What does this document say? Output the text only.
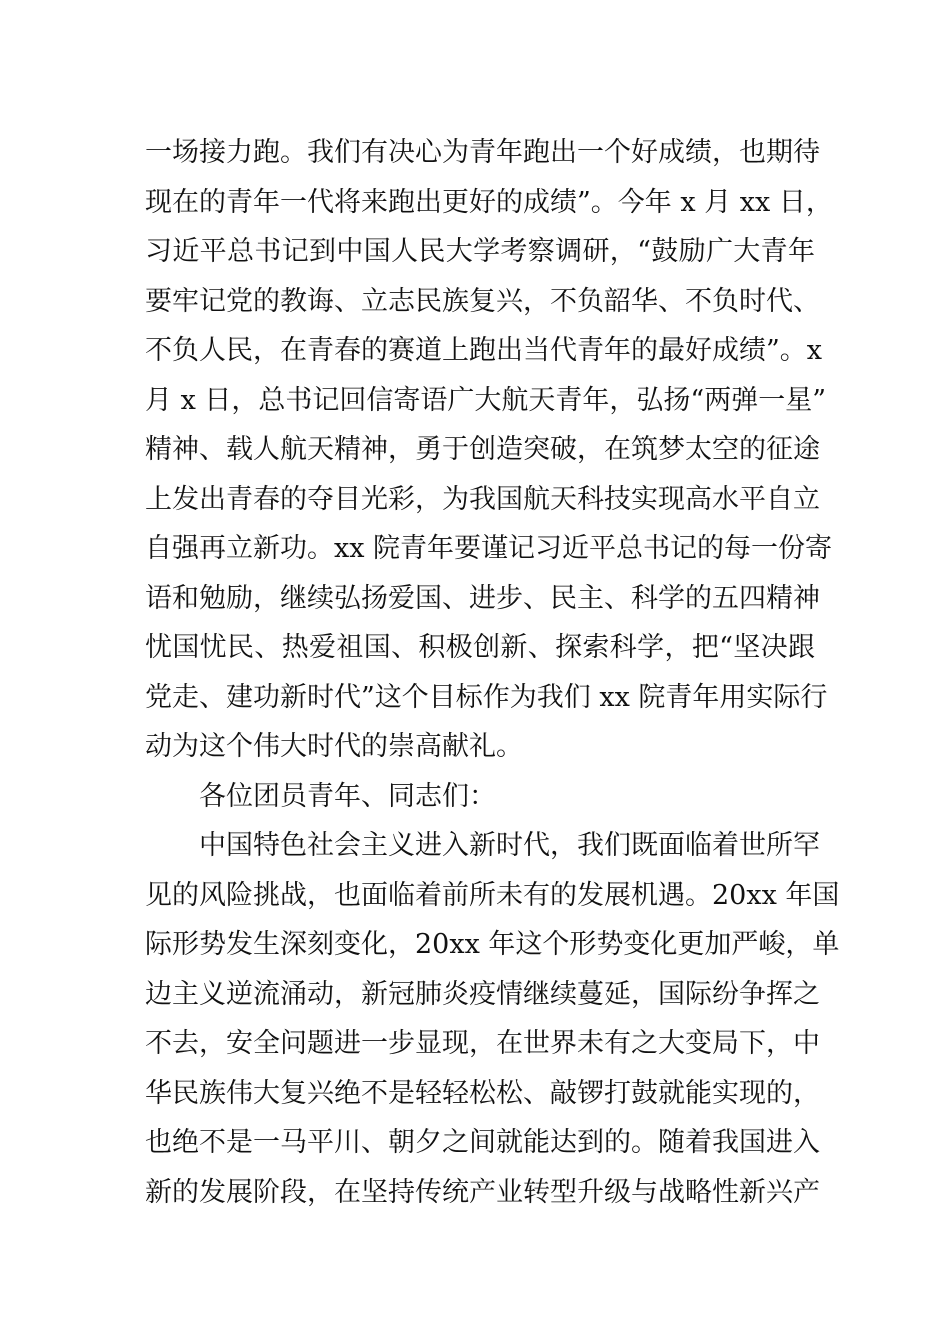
一场接力跑。我们有决心为青年跑出一个好成绩，也期待
现在的青年一代将来跑出更好的成绩”。今年 x 月 xx 日，
习近平总书记到中国人民大学考察调研，“鼓励广大青年
要牢记党的教诲、立志民族复兴，不负韶华、不负时代、
不负人民，在青春的赛道上跑出当代青年的最好成绩”。x
月 x 日，总书记回信寄语广大航天青年，弘扬“两弹一星”
精神、载人航天精神，勇于创造突破，在筑梦太空的征途
上发出青春的夺目光彩，为我国航天科技实现高水平自立
自强再立新功。xx 院青年要谨记习近平总书记的每一份寄
语和勉励，继续弘扬爱国、进步、民主、科学的五四精神
忧国忧民、热爱祖国、积极创新、探索科学，把“坚决跟
党走、建功新时代”这个目标作为我们 xx 院青年用实际行
动为这个伟大时代的崇高献礼。
各位团员青年、同志们：
中国特色社会主义进入新时代，我们既面临着世所罕
见的风险挑战，也面临着前所未有的发展机遇。20xx 年国
际形势发生深刻变化，20xx 年这个形势变化更加严峻，单
边主义逆流涌动，新冠肺炎疫情继续蔓延，国际纷争挥之
不去，安全问题进一步显现，在世界未有之大变局下，中
华民族伟大复兴绝不是轻轻松松、敲锣打鼓就能实现的，
也绝不是一马平川、朝夕之间就能达到的。随着我国进入
新的发展阶段，在坚持传统产业转型升级与战略性新兴产
